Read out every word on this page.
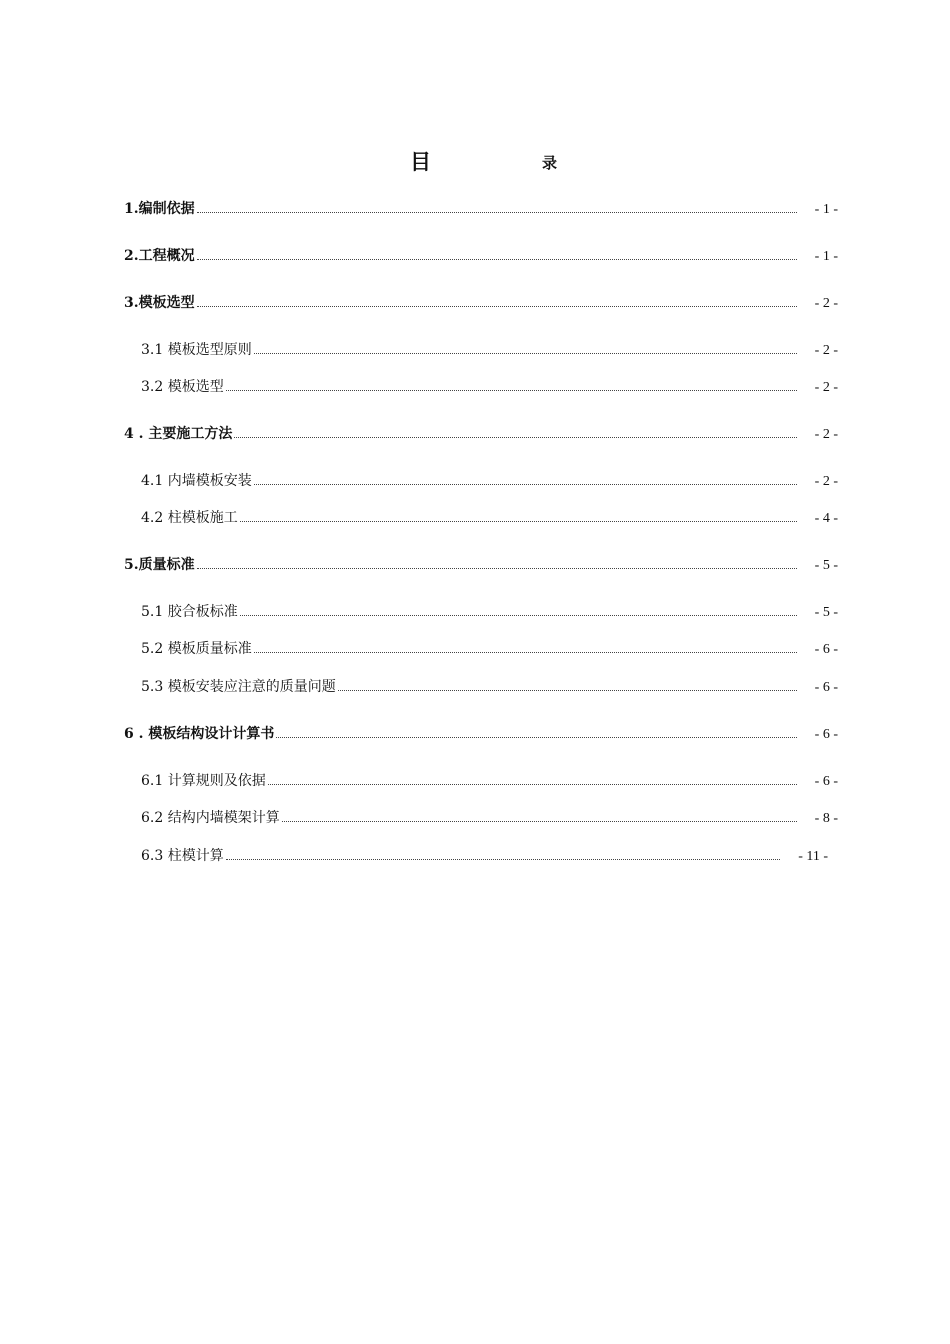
目	录
1.编制依据	- 1 -
2.工程概况	- 1 -
3.模板选型	- 2 -
3.1 模板选型原则	- 2 -
3.2 模板选型	- 2 -
4 . 主要施工方法	- 2 -
4.1 内墙模板安装	- 2 -
4.2 柱模板施工	- 4 -
5.质量标准	- 5 -
5.1 胶合板标准	- 5 -
5.2 模板质量标准	- 6 -
5.3 模板安装应注意的质量问题	- 6 -
6 . 模板结构设计计算书	- 6 -
6.1 计算规则及依据	- 6 -
6.2 结构内墙模架计算	- 8 -
6.3 柱模计算	- 11 -
